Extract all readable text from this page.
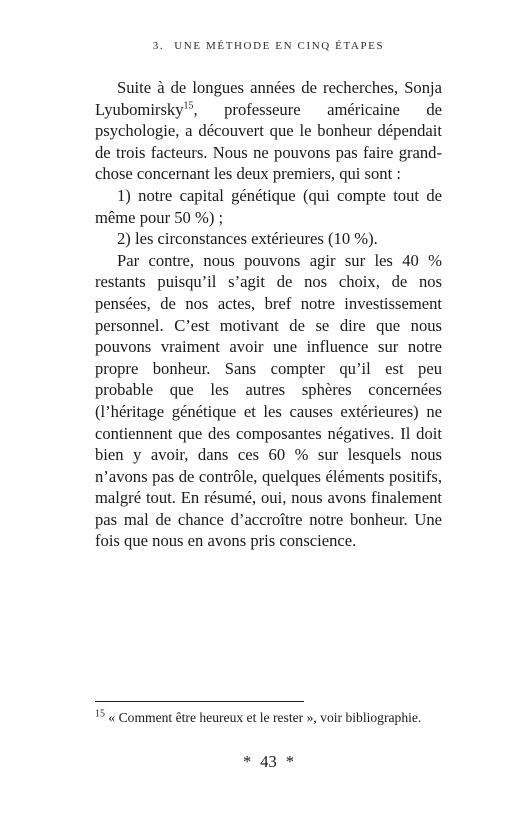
3. UNE MÉTHODE EN CINQ ÉTAPES

Suite à de longues années de recherches, Sonja Lyubomirsky$^{15}$, professeure américaine de psychologie, a découvert que le bonheur dépendait de trois facteurs. Nous ne pouvons pas faire grand-chose concernant les deux premiers, qui sont :

1) notre capital génétique (qui compte tout de même pour 50 %) ;

2) les circonstances extérieures (10 %).

Par contre, nous pouvons agir sur les 40 % restants puisqu’il s’agit de nos choix, de nos pensées, de nos actes, bref notre investissement personnel. C’est motivant de se dire que nous pouvons vraiment avoir une influence sur notre propre bonheur. Sans compter qu’il est peu probable que les autres sphères concernées (l’héritage génétique et les causes extérieures) ne contiennent que des composantes négatives. Il doit bien y avoir, dans ces 60 % sur lesquels nous n’avons pas de contrôle, quelques éléments positifs, malgré tout. En résumé, oui, nous avons finalement pas mal de chance d’accroître notre bonheur. Une fois que nous en avons pris conscience.

$^{15}$ « Comment être heureux et le rester », voir bibliographie.
* 43 *
